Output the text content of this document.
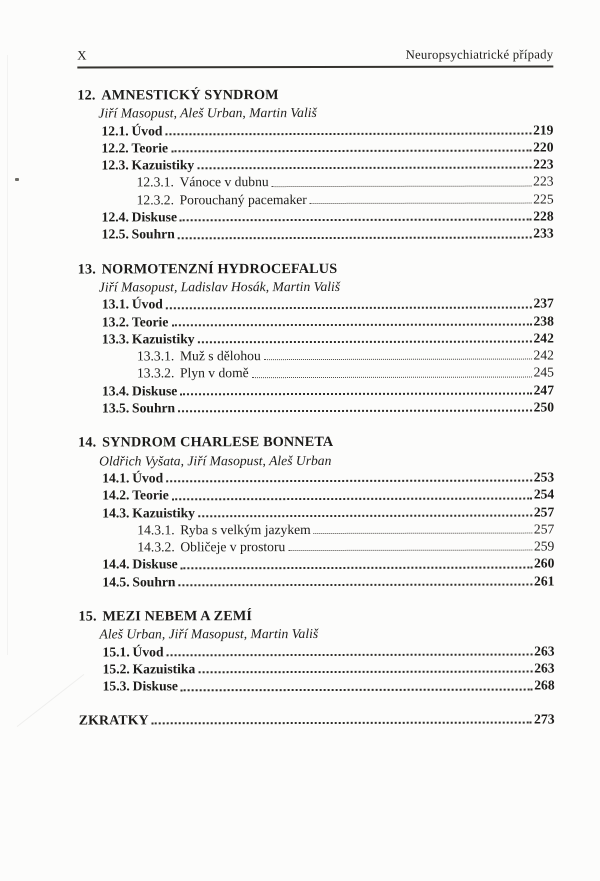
X	Neuropsychiatrické případy
12. AMNESTICKÝ SYNDROM
Jiří Masopust, Aleš Urban, Martin Vališ
12.1. Úvod	219
12.2. Teorie	220
12.3. Kazuistiky	223
12.3.1. Vánoce v dubnu	223
12.3.2. Porouchaný pacemaker	225
12.4. Diskuse	228
12.5. Souhrn	233
13. NORMOTENZNÍ HYDROCEFALUS
Jiří Masopust, Ladislav Hosák, Martin Vališ
13.1. Úvod	237
13.2. Teorie	238
13.3. Kazuistiky	242
13.3.1. Muž s dělohou	242
13.3.2. Plyn v domě	245
13.4. Diskuse	247
13.5. Souhrn	250
14. SYNDROM CHARLESE BONNETA
Oldřich Vyšata, Jiří Masopust, Aleš Urban
14.1. Úvod	253
14.2. Teorie	254
14.3. Kazuistiky	257
14.3.1. Ryba s velkým jazykem	257
14.3.2. Obličeje v prostoru	259
14.4. Diskuse	260
14.5. Souhrn	261
15. MEZI NEBEM A ZEMÍ
Aleš Urban, Jiří Masopust, Martin Vališ
15.1. Úvod	263
15.2. Kazuistika	263
15.3. Diskuse	268
ZKRATKY	273
